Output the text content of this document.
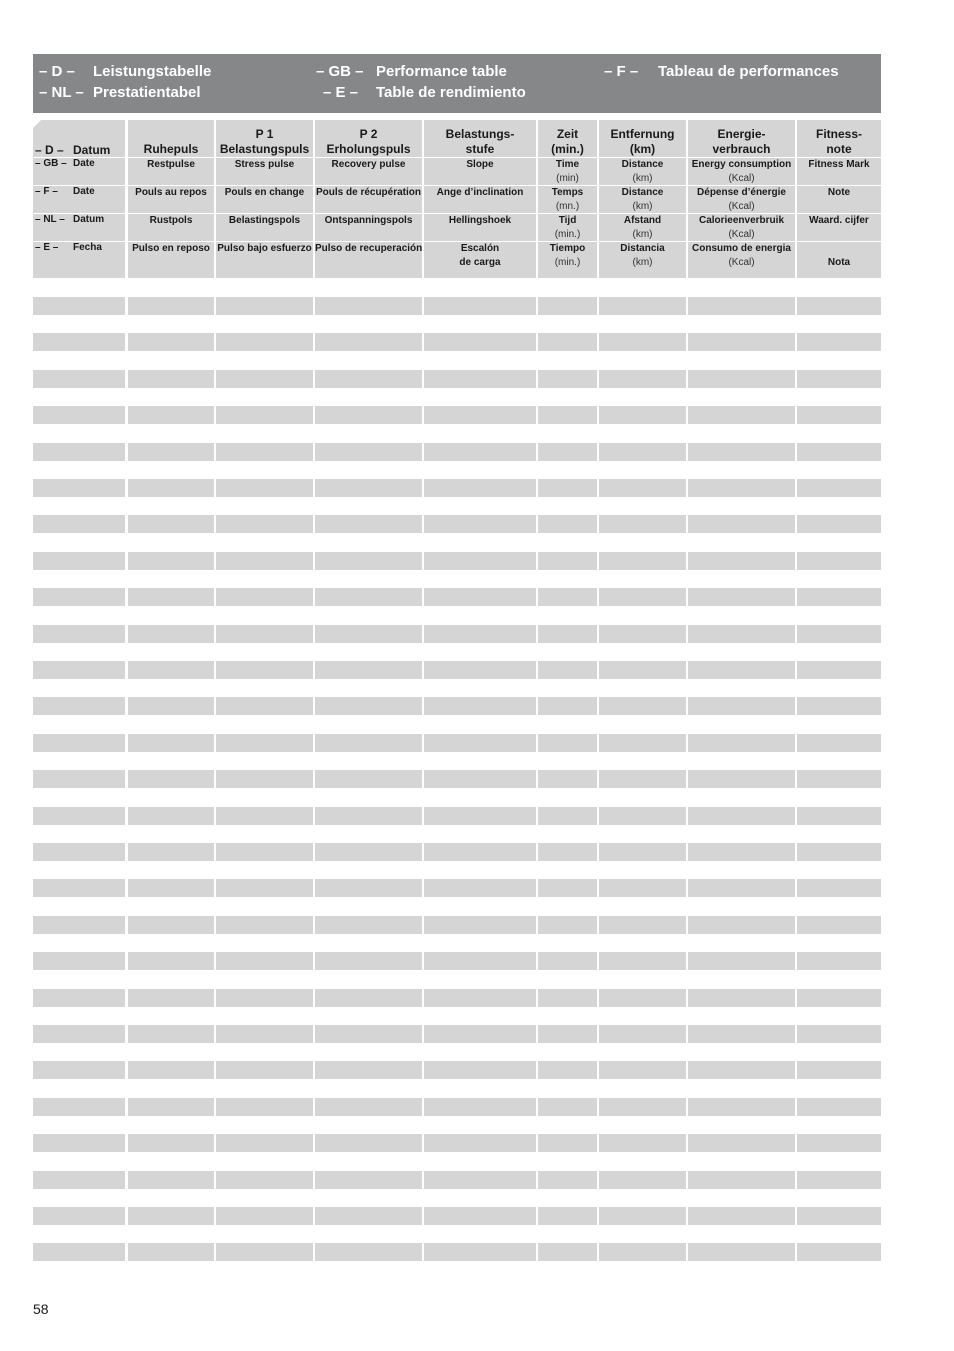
– D – Leistungstabelle
– NL – Prestatientabel
– GB – Performance table
– E – Table de rendimiento
– F – Tableau de performances
Ruhepuls
Restpulse
Pouls au repos
Rustpols
Pulso en reposo
P 1
Belastungspuls
Stress pulse
Pouls en change
Belastingspols
Pulso bajo esfuerzo
P 2
Erholungspuls
Recovery pulse
Pouls de récupération
Ontspanningspols
Pulso de recuperación
Belastungs-
stufe
Slope
Ange d’inclination
Hellingshoek
Escalón
de carga
Zeit
(min.)
Time
(min)
Temps
(mn.)
Tijd
(min.)
Tiempo
(min.)
Entfernung
(km)
Distance
(km)
Distance
(km)
Afstand
(km)
Distancia
(km)
Energie-
verbrauch
Energy consumption
(Kcal)
Dépense d’énergie
(Kcal)
Calorieenverbruik
(Kcal)
Consumo de energia
(Kcal)
Fitness-
note
Fitness Mark
Note
Waard. cijfer
Nota
– D – Datum
– GB – Date
– F – Date
– NL – Datum
– E – Fecha
58
